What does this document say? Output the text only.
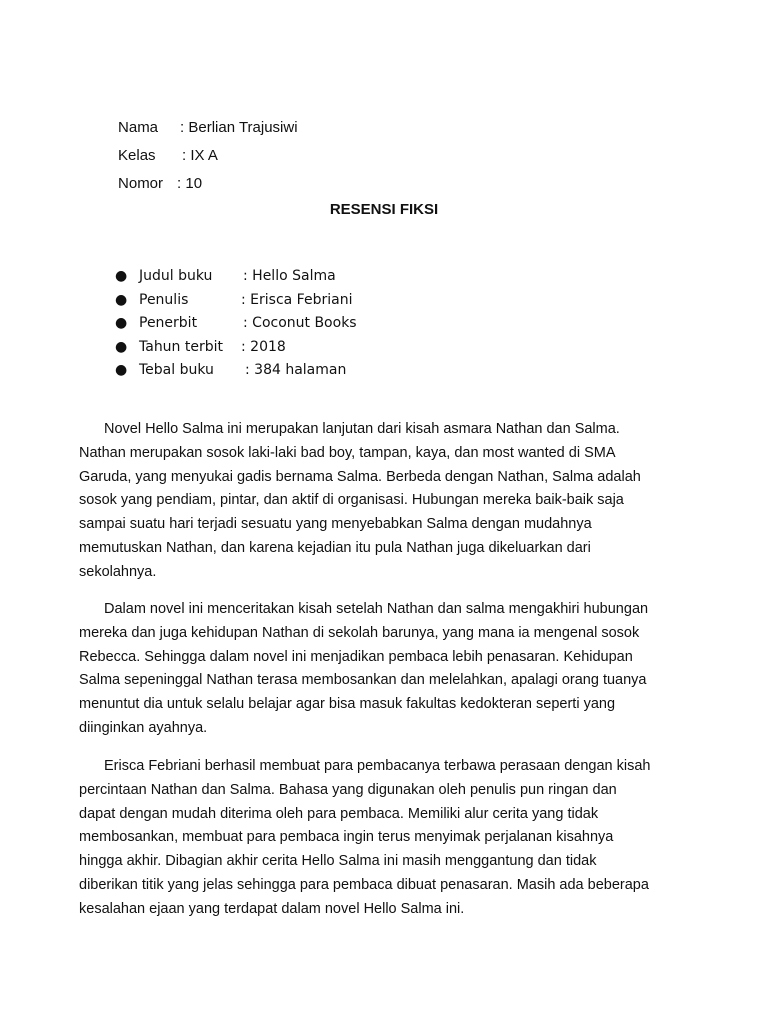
Nama : Berlian Trajusiwi

Kelas : IX A

Nomor : 10

RESENSI FIKSI
● Judul buku : Hello Salma
● Penulis	: Erisca Febriani
● Penerbit	: Coconut Books
● Tahun terbit : 2018
● Tebal buku : 384 halaman

Novel Hello Salma ini merupakan lanjutan dari kisah asmara Nathan dan Salma.
Nathan merupakan sosok laki-laki bad boy, tampan, kaya, dan most wanted di SMA
Garuda, yang menyukai gadis bernama Salma. Berbeda dengan Nathan, Salma adalah
sosok yang pendiam, pintar, dan aktif di organisasi. Hubungan mereka baik-baik saja
sampai suatu hari terjadi sesuatu yang menyebabkan Salma dengan mudahnya
memutuskan Nathan, dan karena kejadian itu pula Nathan juga dikeluarkan dari
sekolahnya.

Dalam novel ini menceritakan kisah setelah Nathan dan salma mengakhiri hubungan
mereka dan juga kehidupan Nathan di sekolah barunya, yang mana ia mengenal sosok
Rebecca. Sehingga dalam novel ini menjadikan pembaca lebih penasaran. Kehidupan
Salma sepeninggal Nathan terasa membosankan dan melelahkan, apalagi orang tuanya
menuntut dia untuk selalu belajar agar bisa masuk fakultas kedokteran seperti yang
diinginkan ayahnya.

Erisca Febriani berhasil membuat para pembacanya terbawa perasaan dengan kisah
percintaan Nathan dan Salma. Bahasa yang digunakan oleh penulis pun ringan dan
dapat dengan mudah diterima oleh para pembaca. Memiliki alur cerita yang tidak
membosankan, membuat para pembaca ingin terus menyimak perjalanan kisahnya
hingga akhir. Dibagian akhir cerita Hello Salma ini masih menggantung dan tidak
diberikan titik yang jelas sehingga para pembaca dibuat penasaran. Masih ada beberapa
kesalahan ejaan yang terdapat dalam novel Hello Salma ini.
